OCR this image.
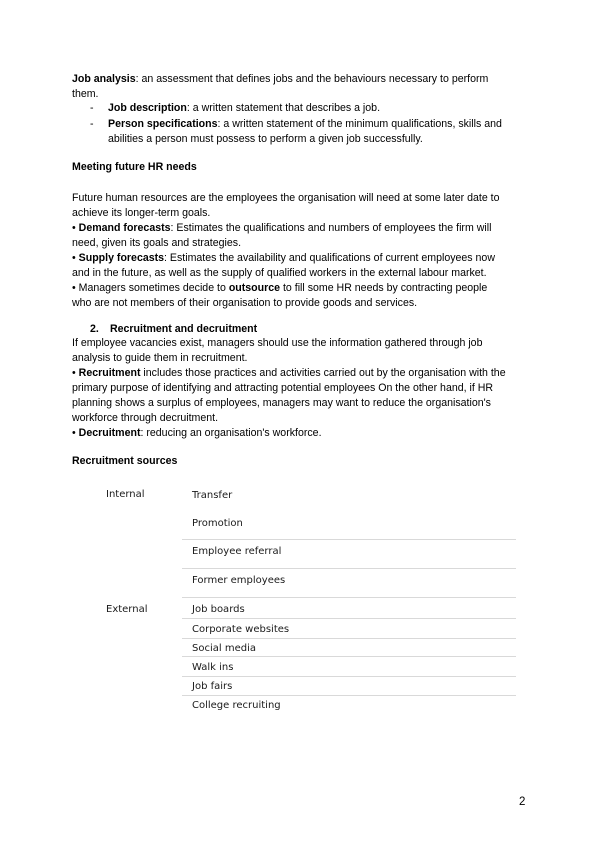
Job analysis: an assessment that defines jobs and the behaviours necessary to perform

them.

- Job description: a written statement that describes a job.
- Person specifications: a written statement of the minimum qualifications, skills and
abilities a person must possess to perform a given job successfully.

Meeting future HR needs

Future human resources are the employees the organisation will need at some later date to

achieve its longer-term goals.

• Demand forecasts: Estimates the qualifications and numbers of employees the firm will

need, given its goals and strategies.

• Supply forecasts: Estimates the availability and qualifications of current employees now

and in the future, as well as the supply of qualified workers in the external labour market.

• Managers sometimes decide to outsource to fill some HR needs by contracting people

who are not members of their organisation to provide goods and services.

2. Recruitment and decruitment

If employee vacancies exist, managers should use the information gathered through job

analysis to guide them in recruitment.

• Recruitment includes those practices and activities carried out by the organisation with the

primary purpose of identifying and attracting potential employees On the other hand, if HR

planning shows a surplus of employees, managers may want to reduce the organisation's

workforce through decruitment.

• Decruitment: reducing an organisation's workforce.

Recruitment sources

Internal	Transfer
Promotion
Employee referral
Former employees
External	Job boards
Corporate websites
Social media
Walk ins
Job fairs
College recruiting
2
